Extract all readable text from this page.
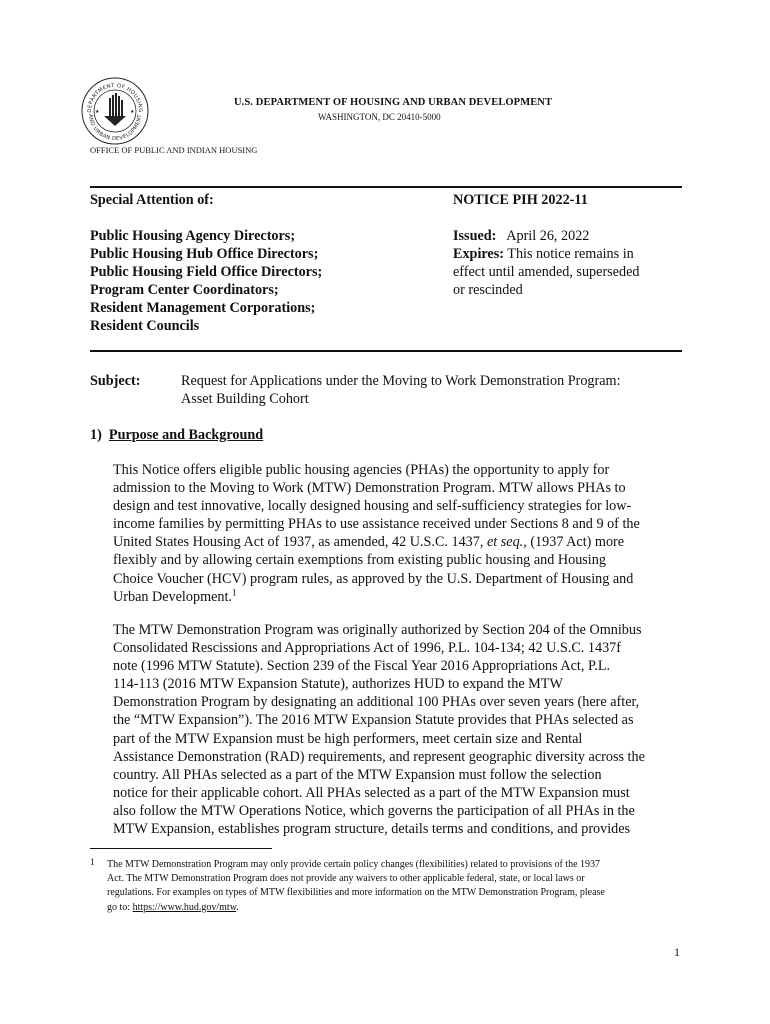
DEPARTMENT OF HOUSING
AND URBAN DEVELOPMENT
★	★
U.S. DEPARTMENT OF HOUSING AND URBAN DEVELOPMENT
WASHINGTON, DC 20410-5000
OFFICE OF PUBLIC AND INDIAN HOUSING
Special Attention of:
Public Housing Agency Directors;
Public Housing Hub Office Directors;
Public Housing Field Office Directors;
Program Center Coordinators;
Resident Management Corporations;
Resident Councils
NOTICE PIH 2022-11
Issued: April 26, 2022
Expires: This notice remains in
effect until amended, superseded
or rescinded
Subject:	Request for Applications under the Moving to Work Demonstration Program:
Asset Building Cohort
1) Purpose and Background
This Notice offers eligible public housing agencies (PHAs) the opportunity to apply for
admission to the Moving to Work (MTW) Demonstration Program. MTW allows PHAs to
design and test innovative, locally designed housing and self-sufficiency strategies for low-
income families by permitting PHAs to use assistance received under Sections 8 and 9 of the
United States Housing Act of 1937, as amended, 42 U.S.C. 1437, et seq., (1937 Act) more
flexibly and by allowing certain exemptions from existing public housing and Housing
Choice Voucher (HCV) program rules, as approved by the U.S. Department of Housing and
Urban Development.$^1$
The MTW Demonstration Program was originally authorized by Section 204 of the Omnibus
Consolidated Rescissions and Appropriations Act of 1996, P.L. 104-134; 42 U.S.C. 1437f
note (1996 MTW Statute). Section 239 of the Fiscal Year 2016 Appropriations Act, P.L.
114-113 (2016 MTW Expansion Statute), authorizes HUD to expand the MTW
Demonstration Program by designating an additional 100 PHAs over seven years (here after,
the “MTW Expansion”). The 2016 MTW Expansion Statute provides that PHAs selected as
part of the MTW Expansion must be high performers, meet certain size and Rental
Assistance Demonstration (RAD) requirements, and represent geographic diversity across the
country. All PHAs selected as a part of the MTW Expansion must follow the selection
notice for their applicable cohort. All PHAs selected as a part of the MTW Expansion must
also follow the MTW Operations Notice, which governs the participation of all PHAs in the
MTW Expansion, establishes program structure, details terms and conditions, and provides
1 The MTW Demonstration Program may only provide certain policy changes (flexibilities) related to provisions of the 1937
Act. The MTW Demonstration Program does not provide any waivers to other applicable federal, state, or local laws or
regulations. For examples on types of MTW flexibilities and more information on the MTW Demonstration Program, please
go to: https://www.hud.gov/mtw.
1
